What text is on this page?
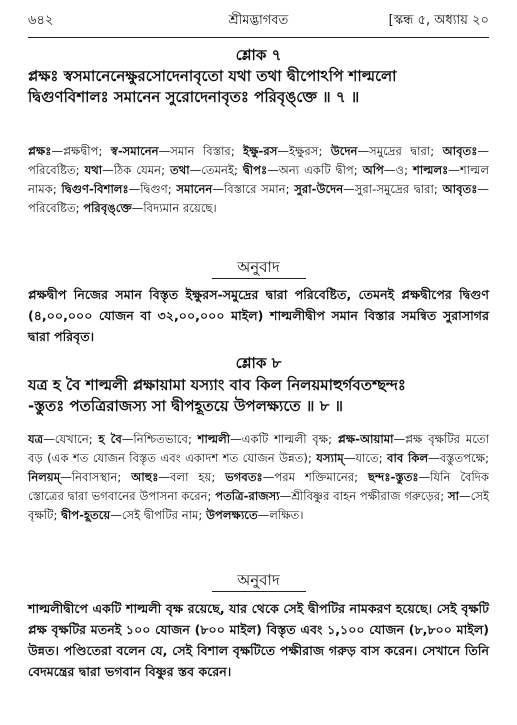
৬৪২	শ্রীমদ্ভাগবত	[স্কন্ধ ৫, অধ্যায় ২০
শ্লোক ৭
প্লক্ষঃ স্বসমানেনেক্ষুরসোদেনাবৃতো যথা তথা দ্বীপোঽপি শাল্মলো
দ্বিগুণবিশালঃ সমানেন সুরোদেনাবৃতঃ পরিবৃঙ্‌ক্তে ॥ ৭ ॥
প্লক্ষঃ—প্লক্ষদ্বীপ; স্ব-সমানেন—সমান বিস্তার; ইক্ষু-রস—ইক্ষুরস; উদেন—সমুদ্রের দ্বারা; আবৃতঃ—পরিবেষ্টিত; যথা—ঠিক যেমন; তথা—তেমনই; দ্বীপঃ—অন্য একটি দ্বীপ; অপি—ও; শাল্মলঃ—শাল্মল নামক; দ্বিগুণ-বিশালঃ—দ্বিগুণ; সমানেন—বিস্তারে সমান; সুরা-উদেন—সুরা-সমুদ্রের দ্বারা; আবৃতঃ—পরিবেষ্টিত; পরিবৃঙ্‌ক্তে—বিদ্যমান রয়েছে।
অনুবাদ
প্লক্ষদ্বীপ নিজের সমান বিস্তৃত ইক্ষুরস-সমুদ্রের দ্বারা পরিবেষ্টিত, তেমনই প্লক্ষদ্বীপের দ্বিগুণ (৪,০০,০০০ যোজন বা ৩২,০০,০০০ মাইল) শাল্মলীদ্বীপ সমান বিস্তার সমন্বিত সুরাসাগর দ্বারা পরিবৃত।
শ্লোক ৮
যত্র হ বৈ শাল্মলী প্লক্ষায়ামা যস্যাং বাব কিল নিলয়মাহুর্গবতশ্ছন্দঃ
-স্তুতঃ পতত্রিরাজস্য সা দ্বীপহূতয়ে উপলক্ষ্যতে ॥ ৮ ॥
যত্র—যেখানে; হ বৈ—নিশ্চিতভাবে; শাল্মলী—একটি শাল্মলী বৃক্ষ; প্লক্ষ-আয়ামা—প্লক্ষ বৃক্ষটির মতো বড় (এক শত যোজন বিস্তৃত এবং একাদশ শত যোজন উন্নত); যস্যাম্‌—যাতে; বাব কিল—বস্তুতপক্ষে; নিলয়ম্‌—নিবাসস্থান; আহুঃ—বলা হয়; ভগবতঃ—পরম শক্তিমানের; ছন্দঃ-স্তুতঃ—যিনি বৈদিক স্তোত্রের দ্বারা ভগবানের উপাসনা করেন; পতত্রি-রাজস্য—শ্রীবিষ্ণুর বাহন পক্ষীরাজ গরুড়ের; সা—সেই বৃক্ষটি; দ্বীপ-হূতয়ে—সেই দ্বীপটির নাম; উপলক্ষ্যতে—লক্ষিত।
অনুবাদ
শাল্মলীদ্বীপে একটি শাল্মলী বৃক্ষ রয়েছে, যার থেকে সেই দ্বীপটির নামকরণ হয়েছে। সেই বৃক্ষটি প্লক্ষ বৃক্ষটির মতনই ১০০ যোজন (৮০০ মাইল) বিস্তৃত এবং ১,১০০ যোজন (৮,৮০০ মাইল) উন্নত। পণ্ডিতেরা বলেন যে, সেই বিশাল বৃক্ষটিতে পক্ষীরাজ গরুড় বাস করেন। সেখানে তিনি বেদমন্ত্রের দ্বারা ভগবান বিষ্ণুর স্তব করেন।
